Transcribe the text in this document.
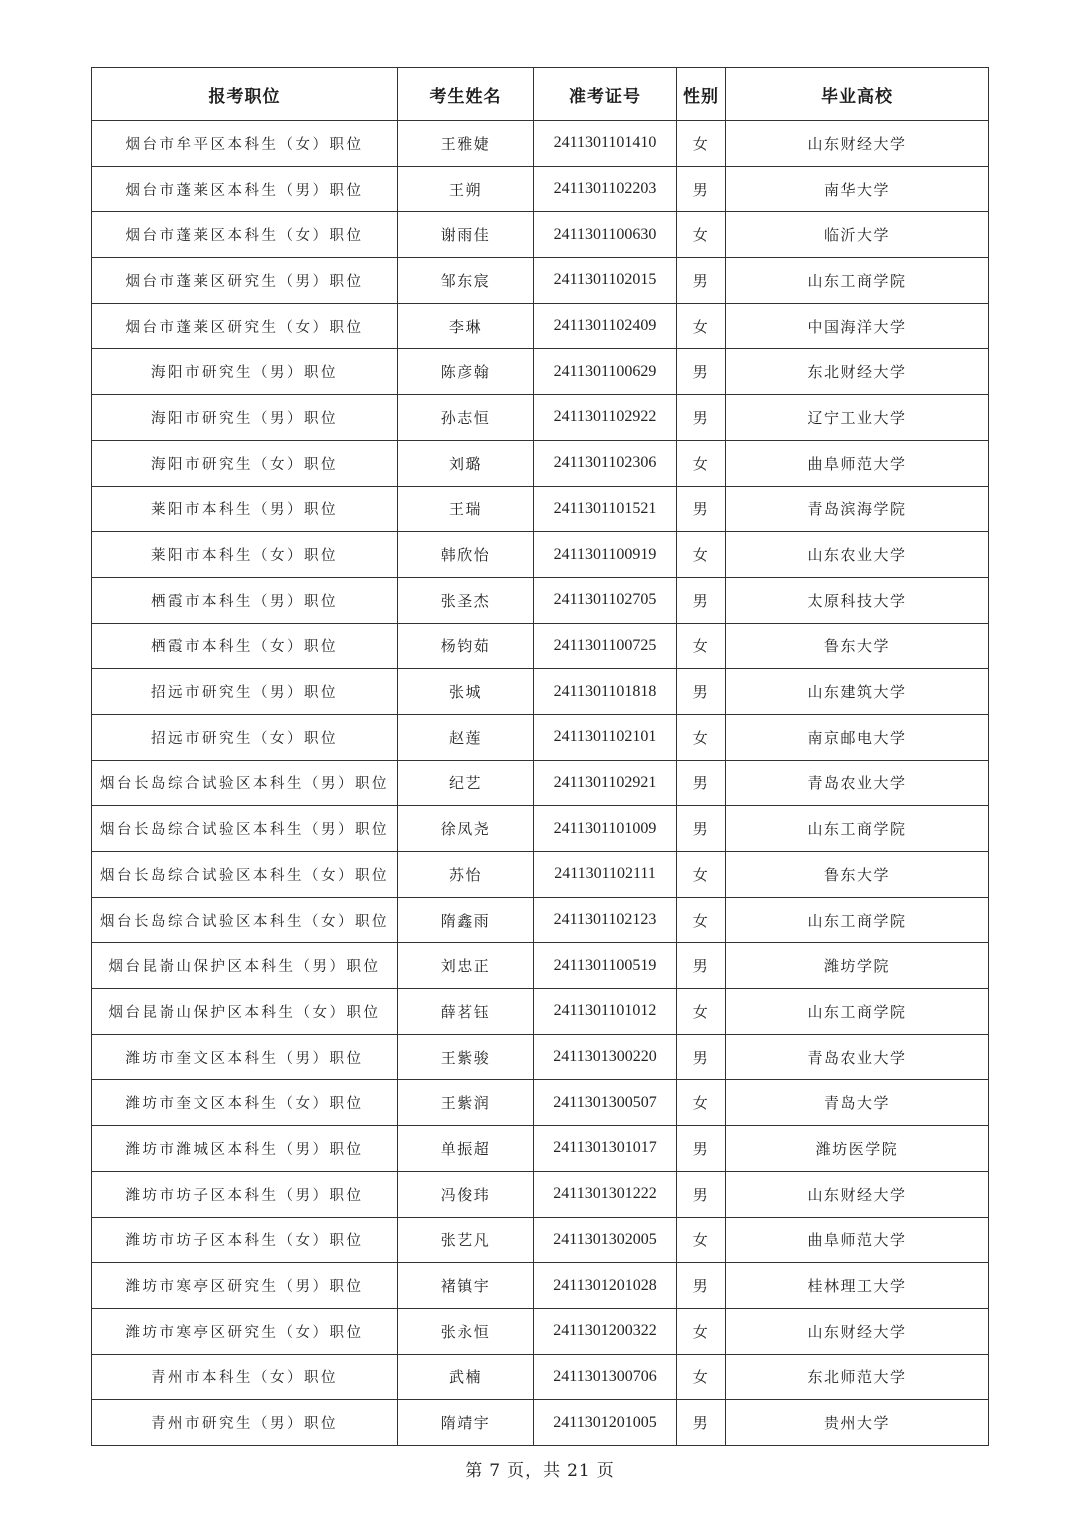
报考职位	考生姓名	准考证号	性别	毕业高校
烟台市牟平区本科生（女）职位	王雅婕	2411301101410	女	山东财经大学
烟台市蓬莱区本科生（男）职位	王朔	2411301102203	男	南华大学
烟台市蓬莱区本科生（女）职位	谢雨佳	2411301100630	女	临沂大学
烟台市蓬莱区研究生（男）职位	邹东宸	2411301102015	男	山东工商学院
烟台市蓬莱区研究生（女）职位	李琳	2411301102409	女	中国海洋大学
海阳市研究生（男）职位	陈彦翰	2411301100629	男	东北财经大学
海阳市研究生（男）职位	孙志恒	2411301102922	男	辽宁工业大学
海阳市研究生（女）职位	刘璐	2411301102306	女	曲阜师范大学
莱阳市本科生（男）职位	王瑞	2411301101521	男	青岛滨海学院
莱阳市本科生（女）职位	韩欣怡	2411301100919	女	山东农业大学
栖霞市本科生（男）职位	张圣杰	2411301102705	男	太原科技大学
栖霞市本科生（女）职位	杨钧茹	2411301100725	女	鲁东大学
招远市研究生（男）职位	张城	2411301101818	男	山东建筑大学
招远市研究生（女）职位	赵莲	2411301102101	女	南京邮电大学
烟台长岛综合试验区本科生（男）职位	纪艺	2411301102921	男	青岛农业大学
烟台长岛综合试验区本科生（男）职位	徐凤尧	2411301101009	男	山东工商学院
烟台长岛综合试验区本科生（女）职位	苏怡	2411301102111	女	鲁东大学
烟台长岛综合试验区本科生（女）职位	隋鑫雨	2411301102123	女	山东工商学院
烟台昆嵛山保护区本科生（男）职位	刘忠正	2411301100519	男	潍坊学院
烟台昆嵛山保护区本科生（女）职位	薛茗钰	2411301101012	女	山东工商学院
潍坊市奎文区本科生（男）职位	王紫骏	2411301300220	男	青岛农业大学
潍坊市奎文区本科生（女）职位	王紫润	2411301300507	女	青岛大学
潍坊市潍城区本科生（男）职位	单振超	2411301301017	男	潍坊医学院
潍坊市坊子区本科生（男）职位	冯俊玮	2411301301222	男	山东财经大学
潍坊市坊子区本科生（女）职位	张艺凡	2411301302005	女	曲阜师范大学
潍坊市寒亭区研究生（男）职位	褚镇宇	2411301201028	男	桂林理工大学
潍坊市寒亭区研究生（女）职位	张永恒	2411301200322	女	山东财经大学
青州市本科生（女）职位	武楠	2411301300706	女	东北师范大学
青州市研究生（男）职位	隋靖宇	2411301201005	男	贵州大学
第 7 页，共 21 页
